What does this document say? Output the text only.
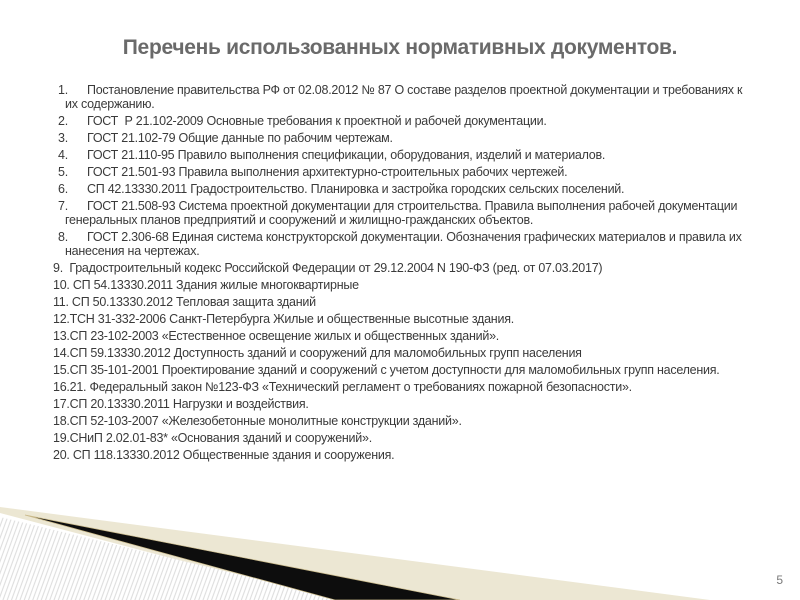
Перечень использованных нормативных документов.
1. Постановление правительства РФ от 02.08.2012 № 87 О составе разделов проектной документации и требованиях к их содержанию.
2. ГОСТ  Р 21.102-2009 Основные требования к проектной и рабочей документации.
3. ГОСТ 21.102-79 Общие данные по рабочим чертежам.
4. ГОСТ 21.110-95 Правило выполнения спецификации, оборудования, изделий и материалов.
5. ГОСТ 21.501-93 Правила выполнения архитектурно-строительных рабочих чертежей.
6. СП 42.13330.2011 Градостроительство. Планировка и застройка городских сельских поселений.
7. ГОСТ 21.508-93 Система проектной документации для строительства. Правила выполнения рабочей документации генеральных планов предприятий и сооружений и жилищно-гражданских объектов.
8. ГОСТ 2.306-68 Единая система конструкторской документации. Обозначения графических материалов и правила их нанесения на чертежах.
9.  Градостроительный кодекс Российской Федерации от 29.12.2004 N 190-ФЗ (ред. от 07.03.2017)
10. СП 54.13330.2011 Здания жилые многоквартирные
11. СП 50.13330.2012 Тепловая защита зданий
12.ТСН 31-332-2006 Санкт-Петербурга Жилые и общественные высотные здания.
13.СП 23-102-2003 «Естественное освещение жилых и общественных зданий».
14.СП 59.13330.2012 Доступность зданий и сооружений для маломобильных групп населения
15.СП 35-101-2001 Проектирование зданий и сооружений с учетом доступности для маломобильных групп населения.
16.21. Федеральный закон №123-ФЗ «Технический регламент о требованиях пожарной безопасности».
17.СП 20.13330.2011 Нагрузки и воздействия.
18.СП 52-103-2007 «Железобетонные монолитные конструкции зданий».
19.СНиП 2.02.01-83* «Основания зданий и сооружений».
20. СП 118.13330.2012 Общественные здания и сооружения.
5
